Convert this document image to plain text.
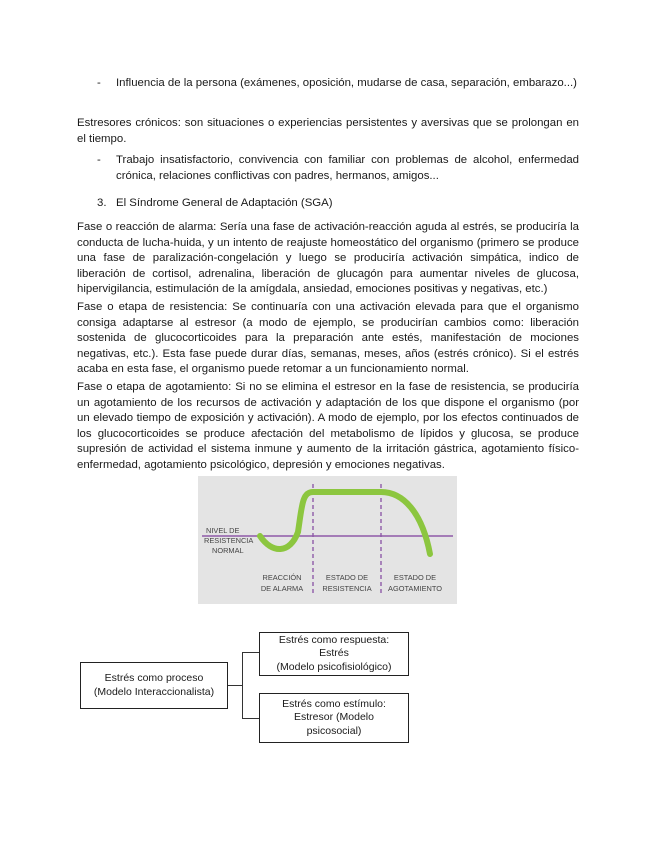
- Influencia de la persona (exámenes, oposición, mudarse de casa, separación, embarazo...)

Estresores crónicos: son situaciones o experiencias persistentes y aversivas que se prolongan en el tiempo.

- Trabajo insatisfactorio, convivencia con familiar con problemas de alcohol, enfermedad crónica, relaciones conflictivas con padres, hermanos, amigos...

3. El Síndrome General de Adaptación (SGA)

Fase o reacción de alarma: Sería una fase de activación-reacción aguda al estrés, se produciría la conducta de lucha-huida, y un intento de reajuste homeostático del organismo (primero se produce una fase de paralización-congelación y luego se produciría activación simpática, indico de liberación de cortisol, adrenalina, liberación de glucagón para aumentar niveles de glucosa, hipervigilancia, estimulación de la amígdala, ansiedad, emociones positivas y negativas, etc.)

Fase o etapa de resistencia: Se continuaría con una activación elevada para que el organismo consiga adaptarse al estresor (a modo de ejemplo, se producirían cambios como: liberación sostenida de glucocorticoides para la preparación ante estés, manifestación de mociones negativas, etc.). Esta fase puede durar días, semanas, meses, años (estrés crónico). Si el estrés acaba en esta fase, el organismo puede retomar a un funcionamiento normal.

Fase o etapa de agotamiento: Si no se elimina el estresor en la fase de resistencia, se produciría un agotamiento de los recursos de activación y adaptación de los que dispone el organismo (por un elevado tiempo de exposición y activación). A modo de ejemplo, por los efectos continuados de los glucocorticoides se produce afectación del metabolismo de lípidos y glucosa, se produce supresión de actividad el sistema inmune y aumento de la irritación gástrica, agotamiento físico-enfermedad, agotamiento psicológico, depresión y emociones negativas.

NIVEL DE
RESISTENCIA
NORMAL
REACCIÓN
DE ALARMA
ESTADO DE
RESISTENCIA
ESTADO DE
AGOTAMIENTO
Estrés como proceso
(Modelo Interaccionalista)
Estrés como respuesta: Estrés
(Modelo psicofisiológico)
Estrés como estímulo:
Estresor (Modelo
psicosocial)
